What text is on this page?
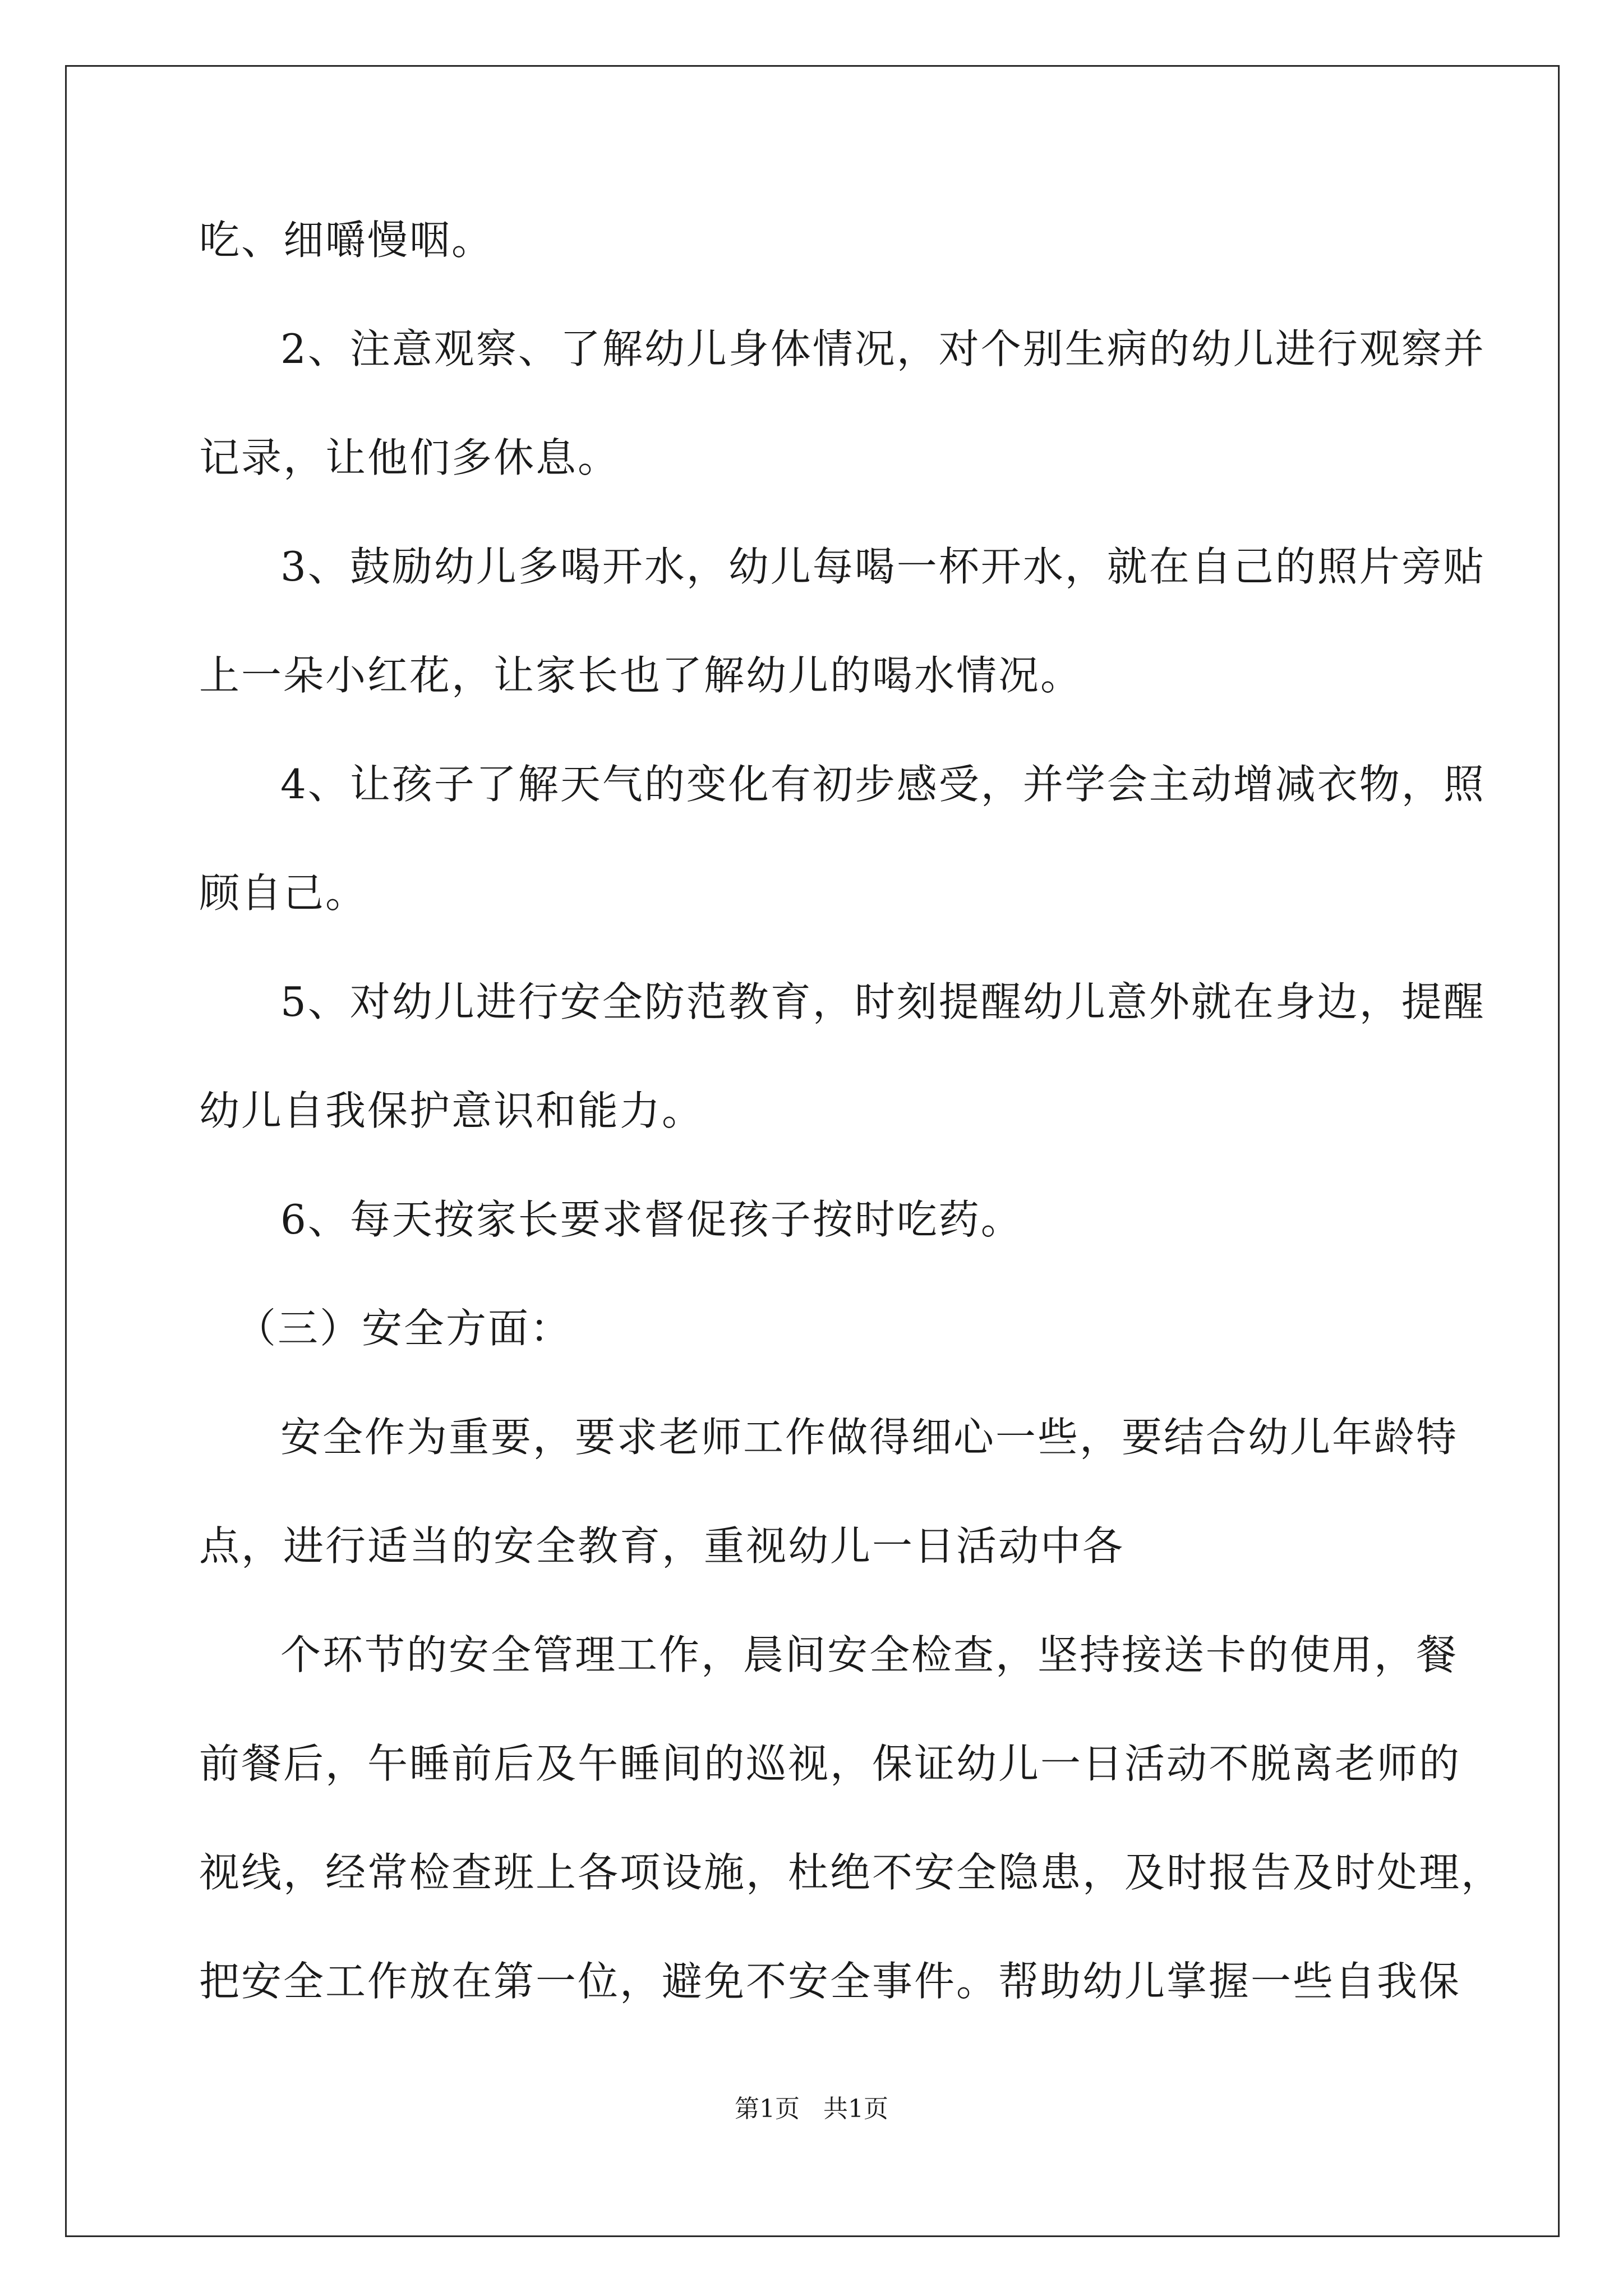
吃、细嚼慢咽。
2、注意观察、了解幼儿身体情况，对个别生病的幼儿进行观察并
记录，让他们多休息。
3、鼓励幼儿多喝开水，幼儿每喝一杯开水，就在自己的照片旁贴
上一朵小红花，让家长也了解幼儿的喝水情况。
4、让孩子了解天气的变化有初步感受，并学会主动增减衣物，照
顾自己。
5、对幼儿进行安全防范教育，时刻提醒幼儿意外就在身边，提醒
幼儿自我保护意识和能力。
6、每天按家长要求督促孩子按时吃药。
（三）安全方面：
安全作为重要，要求老师工作做得细心一些，要结合幼儿年龄特
点，进行适当的安全教育，重视幼儿一日活动中各
个环节的安全管理工作，晨间安全检查，坚持接送卡的使用，餐
前餐后，午睡前后及午睡间的巡视，保证幼儿一日活动不脱离老师的
视线，经常检查班上各项设施，杜绝不安全隐患，及时报告及时处理，
把安全工作放在第一位，避免不安全事件。帮助幼儿掌握一些自我保
第1页   共1页
